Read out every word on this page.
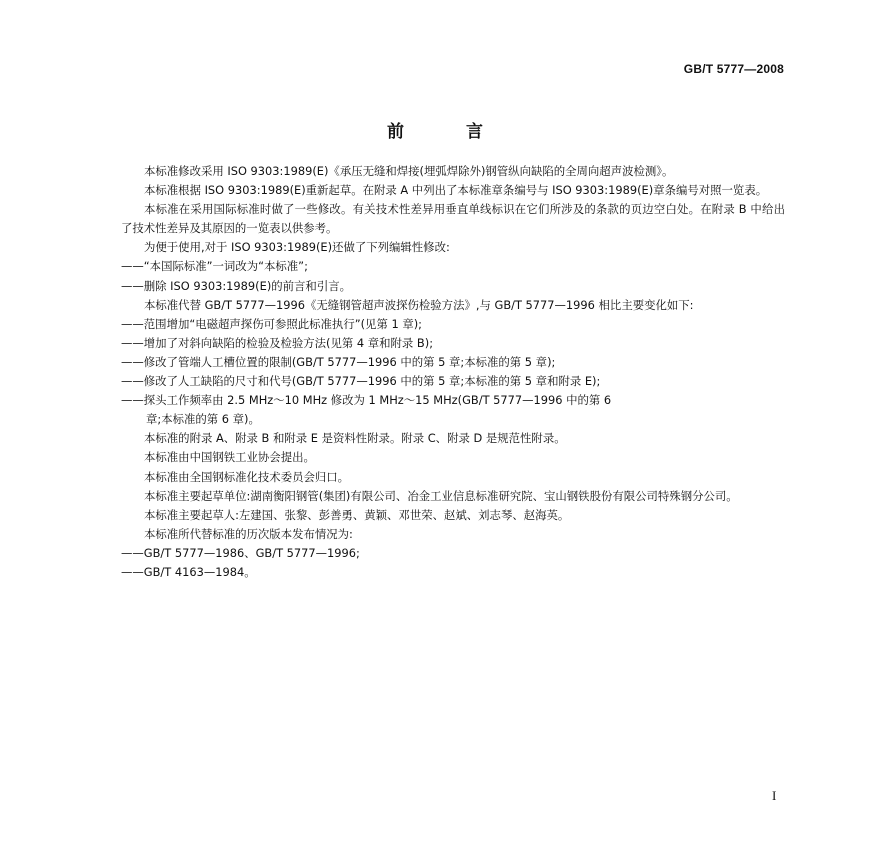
GB/T 5777—2008
前 言

本标准修改采用 ISO 9303:1989(E)《承压无缝和焊接(埋弧焊除外)钢管纵向缺陷的全周向超声波检测》。

本标准根据 ISO 9303:1989(E)重新起草。在附录 A 中列出了本标准章条编号与 ISO 9303:1989(E)章条编号对照一览表。

本标准在采用国际标准时做了一些修改。有关技术性差异用垂直单线标识在它们所涉及的条款的页边空白处。在附录 B 中给出了技术性差异及其原因的一览表以供参考。

为便于使用,对于 ISO 9303:1989(E)还做了下列编辑性修改:

——“本国际标准”一词改为“本标准”;

——删除 ISO 9303:1989(E)的前言和引言。

本标准代替 GB/T 5777—1996《无缝钢管超声波探伤检验方法》,与 GB/T 5777—1996 相比主要变化如下:

——范围增加“电磁超声探伤可参照此标准执行”(见第 1 章);

——增加了对斜向缺陷的检验及检验方法(见第 4 章和附录 B);

——修改了管端人工槽位置的限制(GB/T 5777—1996 中的第 5 章;本标准的第 5 章);

——修改了人工缺陷的尺寸和代号(GB/T 5777—1996 中的第 5 章;本标准的第 5 章和附录 E);

——探头工作频率由 2.5 MHz～10 MHz 修改为 1 MHz～15 MHz(GB/T 5777—1996 中的第 6

章;本标准的第 6 章)。

本标准的附录 A、附录 B 和附录 E 是资料性附录。附录 C、附录 D 是规范性附录。

本标准由中国钢铁工业协会提出。

本标准由全国钢标准化技术委员会归口。

本标准主要起草单位:湖南衡阳钢管(集团)有限公司、冶金工业信息标准研究院、宝山钢铁股份有限公司特殊钢分公司。

本标准主要起草人:左建国、张黎、彭善勇、黄颖、邓世荣、赵斌、刘志琴、赵海英。

本标准所代替标准的历次版本发布情况为:

——GB/T 5777—1986、GB/T 5777—1996;

——GB/T 4163—1984。

I
